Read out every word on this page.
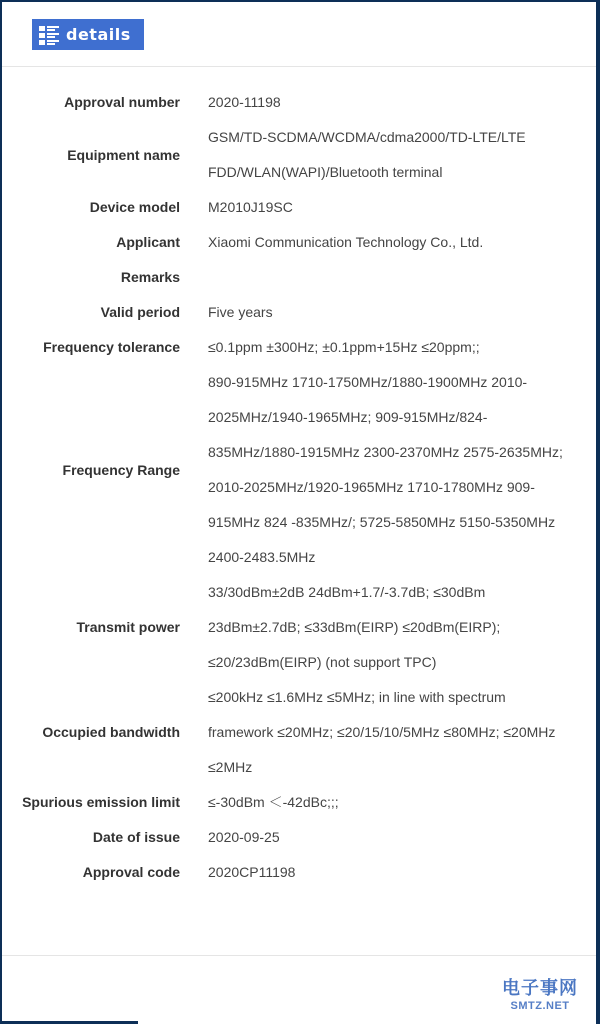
details
Approval number 2020-11198
Equipment name
GSM/TD-SCDMA/WCDMA/cdma2000/TD-LTE/LTE FDD/WLAN(WAPI)/Bluetooth terminal
Device model M2010J19SC
Applicant Xiaomi Communication Technology Co., Ltd.
Remarks
Valid period Five years
Frequency tolerance ≤0.1ppm ±300Hz; ±0.1ppm+15Hz ≤20ppm;;
Frequency Range
890-915MHz 1710-1750MHz/1880-1900MHz 2010-2025MHz/1940-1965MHz; 909-915MHz/824-835MHz/1880-1915MHz 2300-2370MHz 2575-2635MHz; 2010-2025MHz/1920-1965MHz 1710-1780MHz 909-915MHz 824 -835MHz/; 5725-5850MHz 5150-5350MHz 2400-2483.5MHz
Transmit power
33/30dBm±2dB 24dBm+1.7/-3.7dB; ≤30dBm 23dBm±2.7dB; ≤33dBm(EIRP) ≤20dBm(EIRP); ≤20/23dBm(EIRP) (not support TPC)
Occupied bandwidth
≤200kHz ≤1.6MHz ≤5MHz; in line with spectrum framework ≤20MHz; ≤20/15/10/5MHz ≤80MHz; ≤20MHz ≤2MHz
Spurious emission limit ≤-30dBm ＜-42dBc;;;
Date of issue 2020-09-25
Approval code 2020CP11198
电子事网
SMTZ.NET
